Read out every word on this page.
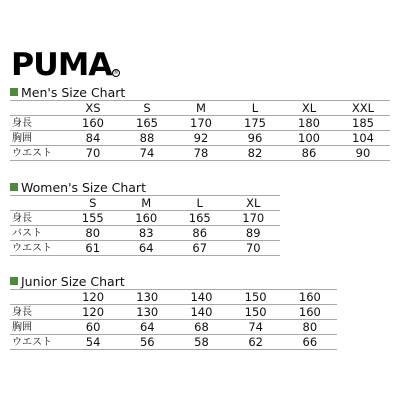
PUMA ®
Men's Size Chart
	XS	S	M	L	XL	XXL
身長	160	165	170	175	180	185
胸囲	84	88	92	96	100	104
ウエスト	70	74	78	82	86	90
Women's Size Chart
	S	M	L	XL
身長	155	160	165	170
バスト	80	83	86	89
ウエスト	61	64	67	70
Junior Size Chart
	120	130	140	150	160
身長	120	130	140	150	160
胸囲	60	64	68	74	80
ウエスト	54	56	58	62	66
